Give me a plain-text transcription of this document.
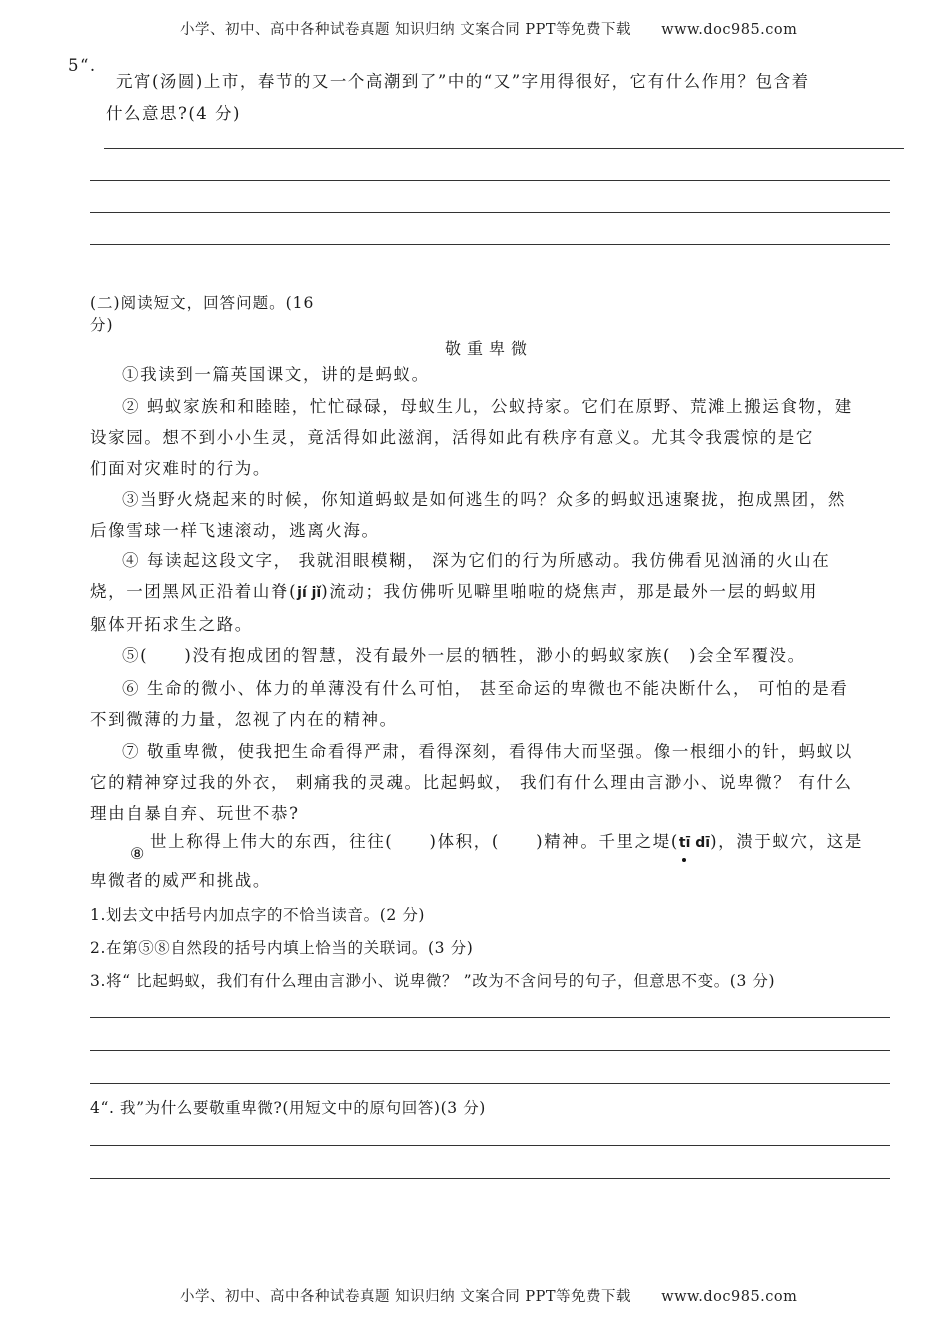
小学、初中、高中各种试卷真题 知识归纳 文案合同 PPT等免费下载 www.doc985.com
5“.
元宵(汤圆)上市，春节的又一个高潮到了”中的“又”字用得很好，它有什么作用？包含着
什么意思?(4 分)
(二)阅读短文，回答问题。(16
分)
敬重卑微
①我读到一篇英国课文，讲的是蚂蚁。
② 蚂蚁家族和和睦睦，忙忙碌碌，母蚁生儿，公蚁持家。它们在原野、荒滩上搬运食物，建
设家园。想不到小小生灵，竟活得如此滋润，活得如此有秩序有意义。尤其令我震惊的是它
们面对灾难时的行为。
③当野火烧起来的时候，你知道蚂蚁是如何逃生的吗？众多的蚂蚁迅速聚拢，抱成黑团，然
后像雪球一样飞速滚动，逃离火海。
④ 每读起这段文字， 我就泪眼模糊， 深为它们的行为所感动。我仿佛看见汹涌的火山在
烧，一团黑风正沿着山脊(jí jǐ)流动；我仿佛听见噼里啪啦的烧焦声，那是最外一层的蚂蚁用
躯体开拓求生之路。
⑤(　　)没有抱成团的智慧，没有最外一层的牺牲，渺小的蚂蚁家族(　)会全军覆没。
⑥ 生命的微小、体力的单薄没有什么可怕， 甚至命运的卑微也不能决断什么， 可怕的是看
不到微薄的力量，忽视了内在的精神。
⑦ 敬重卑微，使我把生命看得严肃，看得深刻，看得伟大而坚强。像一根细小的针，蚂蚁以
它的精神穿过我的外衣， 刺痛我的灵魂。比起蚂蚁， 我们有什么理由言渺小、说卑微？ 有什么
理由自暴自弃、玩世不恭?
⑧
世上称得上伟大的东西，往往(　　)体积，(　　)精神。千里之堤(tī dī)，溃于蚁穴，这是
卑微者的威严和挑战。
1.划去文中括号内加点字的不恰当读音。(2 分)
2.在第⑤⑧自然段的括号内填上恰当的关联词。(3 分)
3.将“ 比起蚂蚁，我们有什么理由言渺小、说卑微？ ”改为不含问号的句子，但意思不变。(3 分)
4“. 我”为什么要敬重卑微?(用短文中的原句回答)(3 分)
小学、初中、高中各种试卷真题 知识归纳 文案合同 PPT等免费下载 www.doc985.com
